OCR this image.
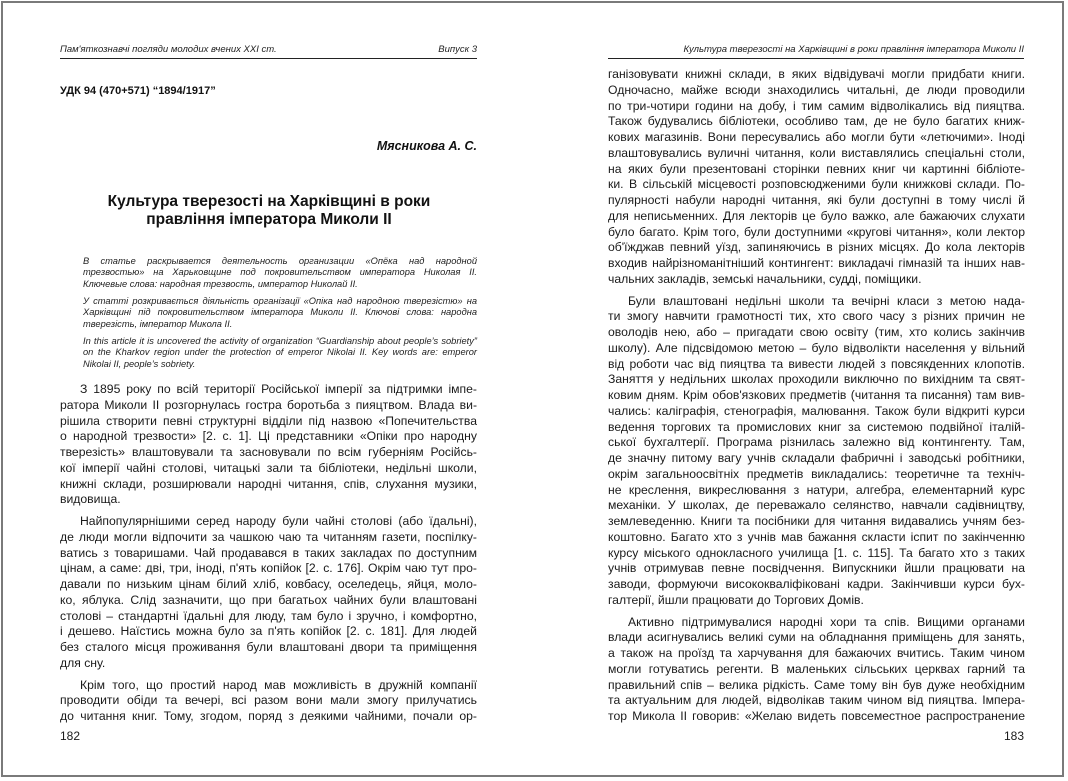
Пам'яткознавчі погляди молодих вчених XXI ст.	Випуск 3
УДК 94 (470+571) “1894/1917”
Мясникова А. С.
Культура тверезості на Харківщині в роки
правління імператора Миколи II
В статье раскрывается деятельность организации «Опёка над народной трезвостью» на Харьковщине под покровительством императора Николая II. Ключевые слова: народная трезвость, император Николай II.
У статті розкривається діяльність організації «Опіка над народною тверезістю» на Харківщині під покровительством імператора Миколи II. Ключові слова: народна тверезість, імператор Микола II.
In this article it is uncovered the activity of organization “Guardianship about people’s sobriety” on the Kharkov region under the protection of emperor Nikolai II. Key words are: emperor Nikolai II, people’s sobriety.
З 1895 року по всій території Російської імперії за підтримки імпе-
ратора Миколи II розгорнулась гостра боротьба з пияцтвом. Влада ви-
рішила створити певні структурні відділи під назвою «Попечительства
о народной трезвости» [2. с. 1]. Ці представники «Опіки про народну
тверезість» влаштовували та засновували по всім губерніям Російсь-
кої імперії чайні столові, читацькі зали та бібліотеки, недільні школи,
книжні склади, розширювали народні читання, спів, слухання музики,
видовища.
Найпопулярнішими серед народу були чайні столові (або їдальні),
де люди могли відпочити за чашкою чаю та читанням газети, поспілку-
ватись з товаришами. Чай продавався в таких закладах по доступним
цінам, а саме: дві, три, іноді, п'ять копійок [2. с. 176]. Окрім чаю тут про-
давали по низьким цінам білий хліб, ковбасу, оселедець, яйця, моло-
ко, яблука. Слід зазначити, що при багатьох чайних були влаштовані
столові – стандартні їдальні для люду, там було і зручно, і комфортно,
і дешево. Наїстись можна було за п'ять копійок [2. с. 181]. Для людей
без сталого місця проживання були влаштовані двори та приміщення
для сну.
Крім того, що простий народ мав можливість в дружній компанії
проводити обіди та вечері, всі разом вони мали змогу прилучатись
до читання книг. Тому, згодом, поряд з деякими чайними, почали ор-
182
Культура тверезості на Харківщині в роки правління імператора Миколи II
ганізовувати книжні склади, в яких відвідувачі могли придбати книги.
Одночасно, майже всюди знаходились читальні, де люди проводили
по три-чотири години на добу, і тим самим відволікались від пияцтва.
Також будувались бібліотеки, особливо там, де не було багатих книж-
кових магазинів. Вони пересувались або могли бути «летючими». Іноді
влаштовувались вуличні читання, коли виставлялись спеціальні столи,
на яких були презентовані сторінки певних книг чи картинні бібліоте-
ки. В сільській місцевості розповсюдженими були книжкові склади. По-
пулярності набули народні читання, які були доступні в тому числі й
для неписьменних. Для лекторів це було важко, але бажаючих слухати
було багато. Крім того, були доступними «кругові читання», коли лектор
об'їжджав певний уїзд, запиняючись в різних місцях. До кола лекторів
входив найрізноманітніший контингент: викладачі гімназій та інших нав-
чальних закладів, земські начальники, судді, поміщики.
Були влаштовані недільні школи та вечірні класи з метою нада-
ти змогу навчити грамотності тих, хто свого часу з різних причин не
оволодів нею, або – пригадати свою освіту (тим, хто колись закінчив
школу). Але підсвідомою метою – було відволікти населення у вільний
від роботи час від пияцтва та вивести людей з повсякденних клопотів.
Заняття у недільних школах проходили виключно по вихідним та свят-
ковим дням. Крім обов'язкових предметів (читання та писання) там вив-
чались: каліграфія, стенографія, малювання. Також були відкриті курси
ведення торгових та промислових книг за системою подвійної італій-
ської бухгалтерії. Програма різнилась залежно від контингенту. Там,
де значну питому вагу учнів складали фабричні і заводські робітники,
окрім загальноосвітніх предметів викладались: теоретичне та техніч-
не креслення, викреслювання з натури, алгебра, елементарний курс
механіки. У школах, де переважало селянство, навчали садівництву,
землеведенню. Книги та посібники для читання видавались учням без-
коштовно. Багато хто з учнів мав бажання скласти іспит по закінченню
курсу міського однокласного училища [1. с. 115]. Та багато хто з таких
учнів отримував певне посвідчення. Випускники йшли працювати на
заводи, формуючи висококваліфіковані кадри. Закінчивши курси бух-
галтерії, йшли працювати до Торгових Домів.
Активно підтримувалися народні хори та спів. Вищими органами
влади асигнувались великі суми на обладнання приміщень для занять,
а також на проїзд та харчування для бажаючих вчитись. Таким чином
могли готуватись регенти. В маленьких сільських церквах гарний та
правильний спів – велика рідкість. Саме тому він був дуже необхідним
та актуальним для людей, відволікав таким чином від пияцтва. Імпера-
тор Микола II говорив: «Желаю видеть повсеместное распространение
183
